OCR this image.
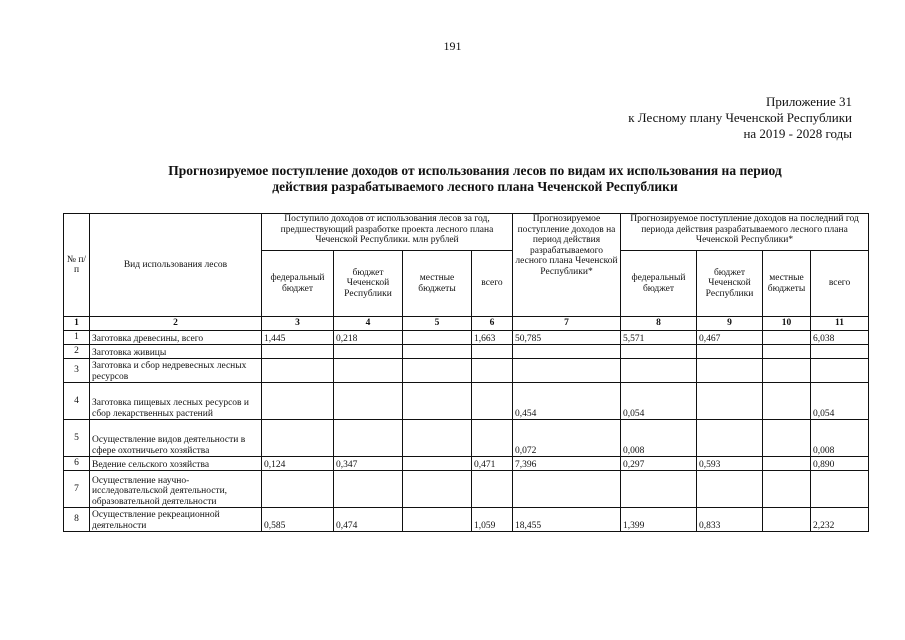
191
Приложение 31
к Лесному плану Чеченской Республики
на 2019 - 2028 годы
Прогнозируемое поступление доходов от использования лесов по видам их использования на период
действия разрабатываемого лесного плана Чеченской Республики
№ п/п	Вид использования лесов	Поступило доходов от использования лесов за год, предшествующий разработке проекта лесного плана Чеченской Республики. млн рублей				Прогнозируемое поступление доходов на период действия разрабатываемого лесного плана Чеченской Республики*	Прогнозируемое поступление доходов на последний год периода действия разрабатываемого лесного плана Чеченской Республики*			
		федеральный бюджет	бюджет Чеченской Республики	местные бюджеты	всего		федеральный бюджет	бюджет Чеченской Республики	местные бюджеты	всего
1	2	3	4	5	6	7	8	9	10	11
1	Заготовка древесины, всего	1,445	0,218		1,663	50,785	5,571	0,467		6,038
2	Заготовка живицы									
3	Заготовка и сбор недревесных лесных ресурсов									
4	Заготовка пищевых лесных ресурсов и сбор лекарственных растений					0,454	0,054			0,054
5	Осуществление видов деятельности в сфере охотничьего хозяйства					0,072	0,008			0,008
6	Ведение сельского хозяйства	0,124	0,347		0,471	7,396	0,297	0,593		0,890
7	Осуществление научно-исследовательской деятельности, образовательной деятельности									
8	Осуществление рекреационной деятельности	0,585	0,474		1,059	18,455	1,399	0,833		2,232
